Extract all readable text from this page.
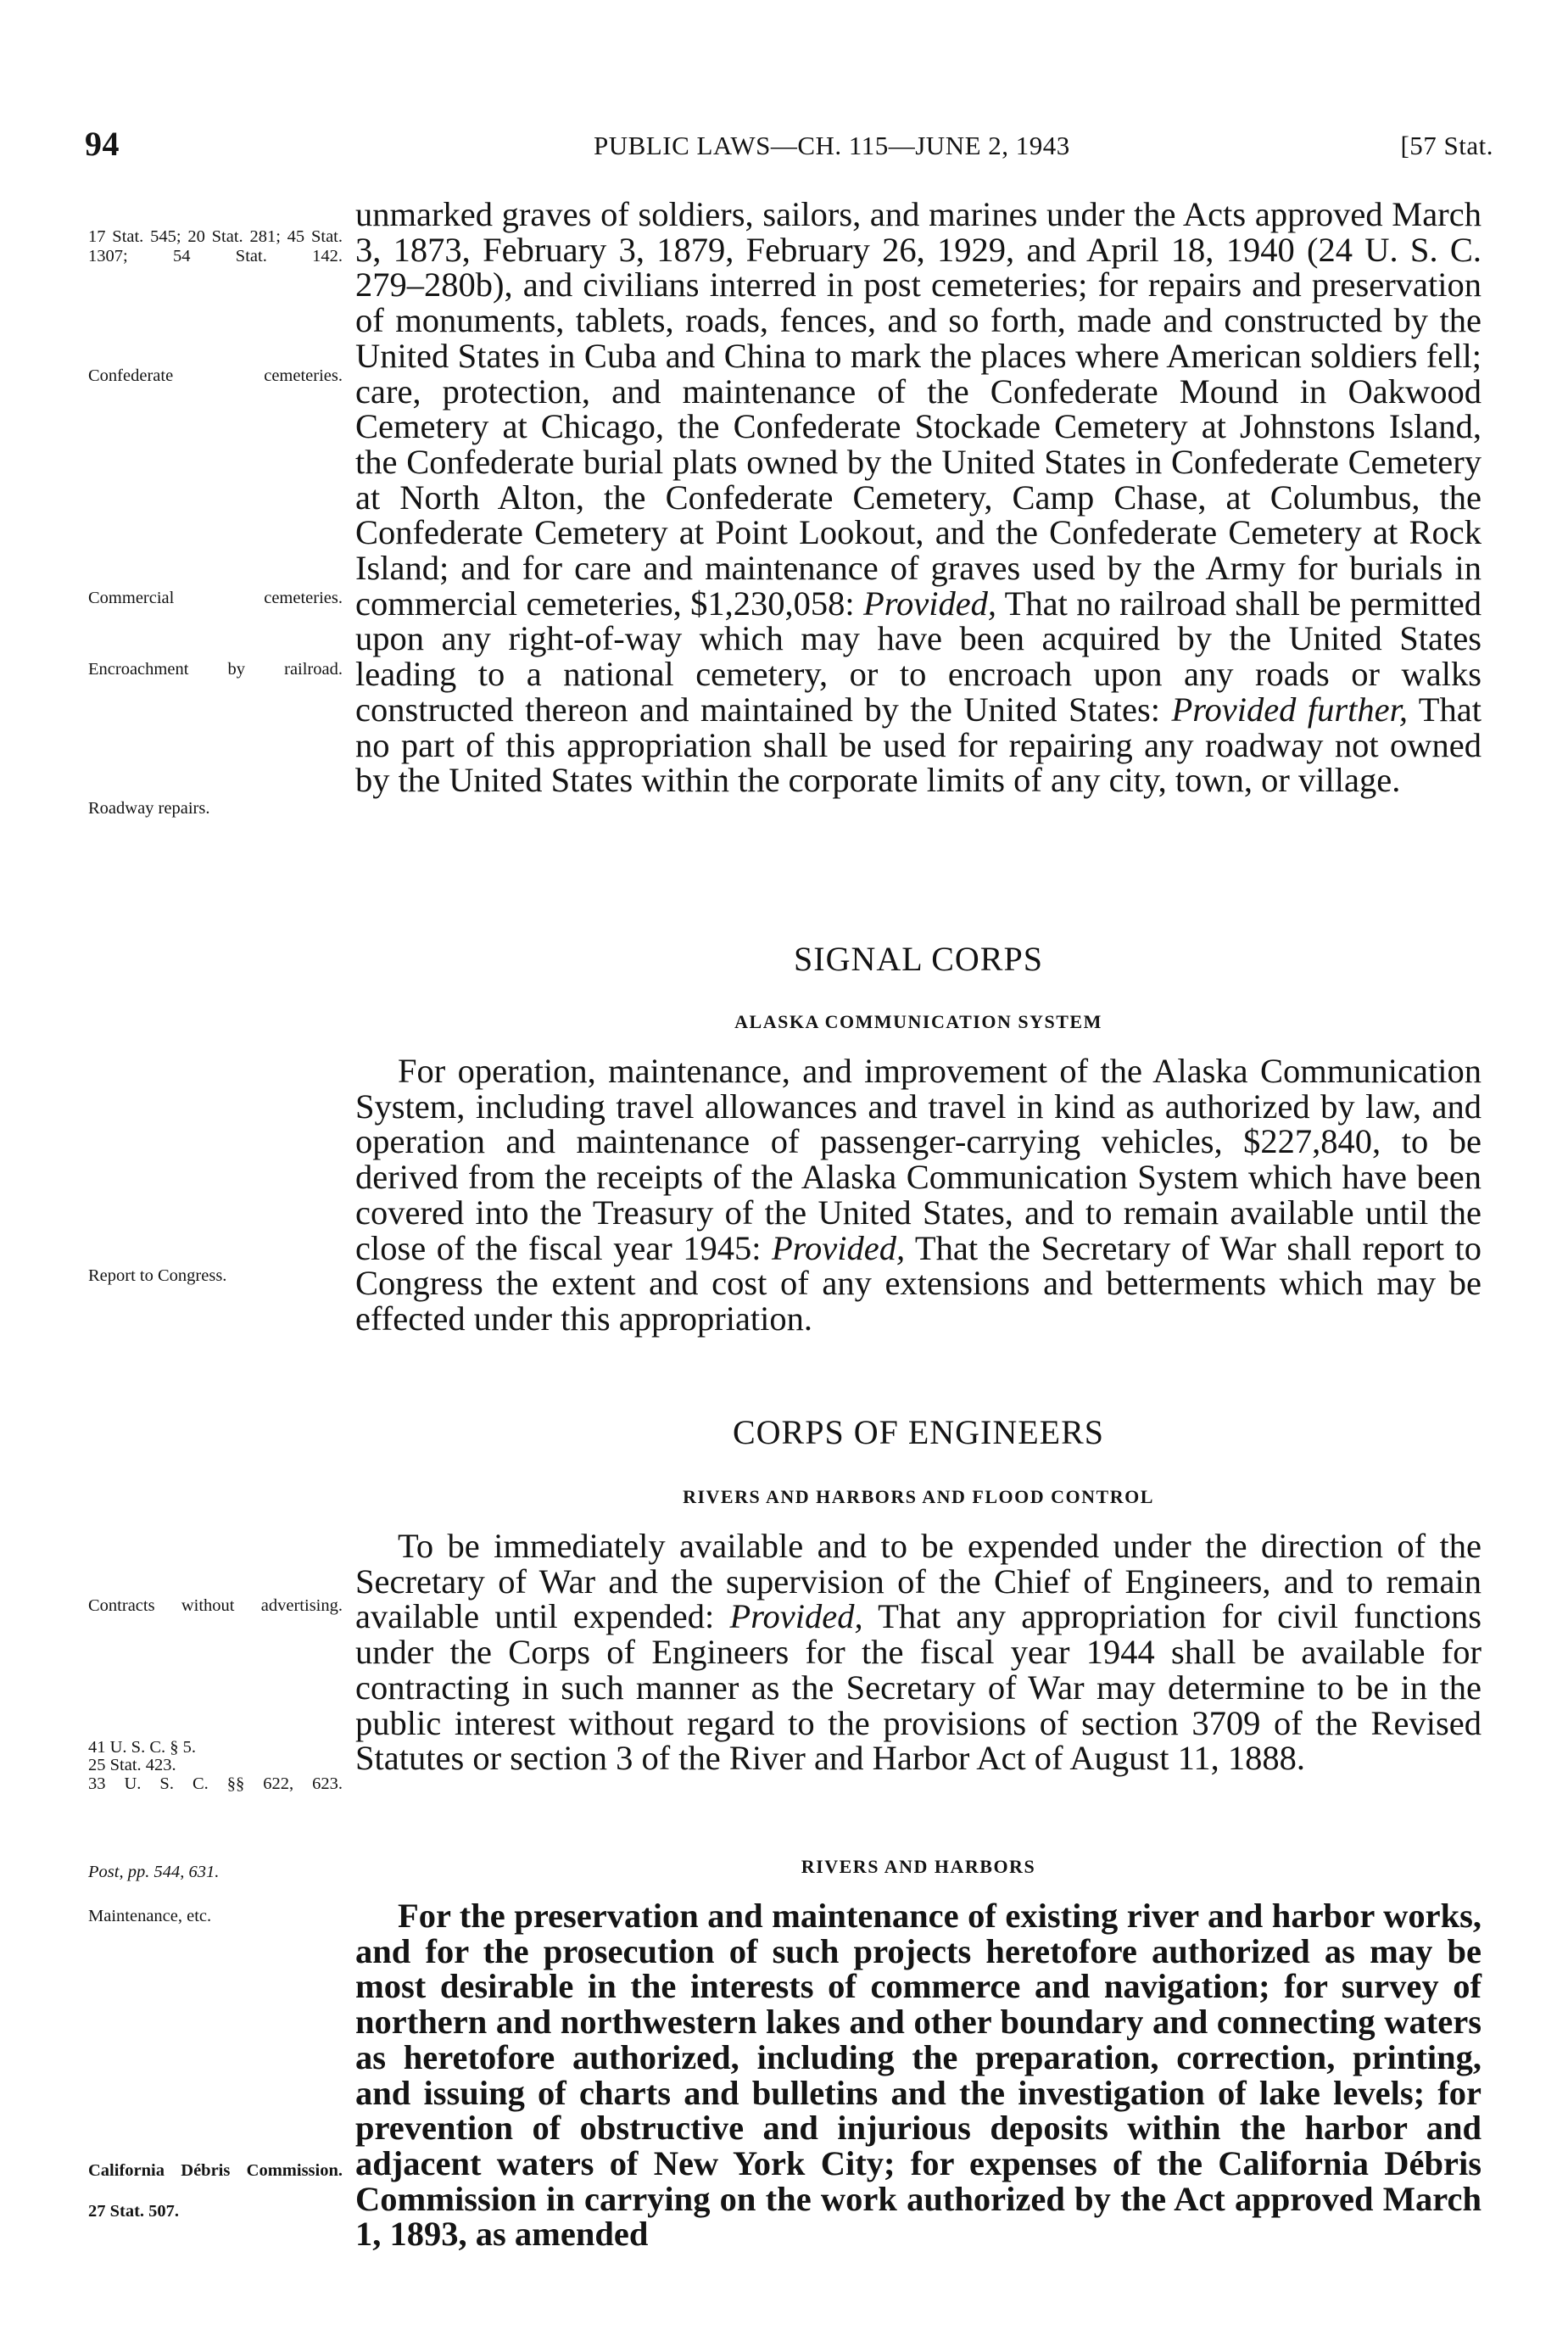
94	PUBLIC LAWS—CH. 115—JUNE 2, 1943	[57 Stat.
17 Stat. 545; 20 Stat. 281; 45 Stat. 1307; 54 Stat. 142.
Confederate cemeteries.
Commercial cemeteries.
Encroachment by railroad.
Roadway repairs.
Report to Congress.
Contracts without advertising.
41 U. S. C. § 5.
25 Stat. 423.
33 U. S. C. §§ 622, 623.
Post, pp. 544, 631.
Maintenance, etc.
California Débris Commission.
27 Stat. 507.

unmarked graves of soldiers, sailors, and marines under the Acts approved March 3, 1873, February 3, 1879, February 26, 1929, and April 18, 1940 (24 U. S. C. 279–280b), and civilians interred in post cemeteries; for repairs and preservation of monuments, tablets, roads, fences, and so forth, made and constructed by the United States in Cuba and China to mark the places where American soldiers fell; care, protection, and maintenance of the Confederate Mound in Oakwood Cemetery at Chicago, the Confederate Stockade Cemetery at Johnstons Island, the Confederate burial plats owned by the United States in Confederate Cemetery at North Alton, the Confederate Cemetery, Camp Chase, at Columbus, the Confederate Cemetery at Point Lookout, and the Confederate Cemetery at Rock Island; and for care and maintenance of graves used by the Army for burials in commercial cemeteries, $1,230,058: Provided, That no railroad shall be permitted upon any right-of-way which may have been acquired by the United States leading to a national cemetery, or to encroach upon any roads or walks constructed thereon and maintained by the United States: Provided further, That no part of this appropriation shall be used for repairing any roadway not owned by the United States within the corporate limits of any city, town, or village.

SIGNAL CORPS
ALASKA COMMUNICATION SYSTEM

For operation, maintenance, and improvement of the Alaska Communication System, including travel allowances and travel in kind as authorized by law, and operation and maintenance of passenger-carrying vehicles, $227,840, to be derived from the receipts of the Alaska Communication System which have been covered into the Treasury of the United States, and to remain available until the close of the fiscal year 1945: Provided, That the Secretary of War shall report to Congress the extent and cost of any extensions and betterments which may be effected under this appropriation.

CORPS OF ENGINEERS
RIVERS AND HARBORS AND FLOOD CONTROL

To be immediately available and to be expended under the direction of the Secretary of War and the supervision of the Chief of Engineers, and to remain available until expended: Provided, That any appropriation for civil functions under the Corps of Engineers for the fiscal year 1944 shall be available for contracting in such manner as the Secretary of War may determine to be in the public interest without regard to the provisions of section 3709 of the Revised Statutes or section 3 of the River and Harbor Act of August 11, 1888.

RIVERS AND HARBORS

For the preservation and maintenance of existing river and harbor works, and for the prosecution of such projects heretofore authorized as may be most desirable in the interests of commerce and navigation; for survey of northern and northwestern lakes and other boundary and connecting waters as heretofore authorized, including the preparation, correction, printing, and issuing of charts and bulletins and the investigation of lake levels; for prevention of obstructive and injurious deposits within the harbor and adjacent waters of New York City; for expenses of the California Débris Commission in carrying on the work authorized by the Act approved March 1, 1893, as amended
